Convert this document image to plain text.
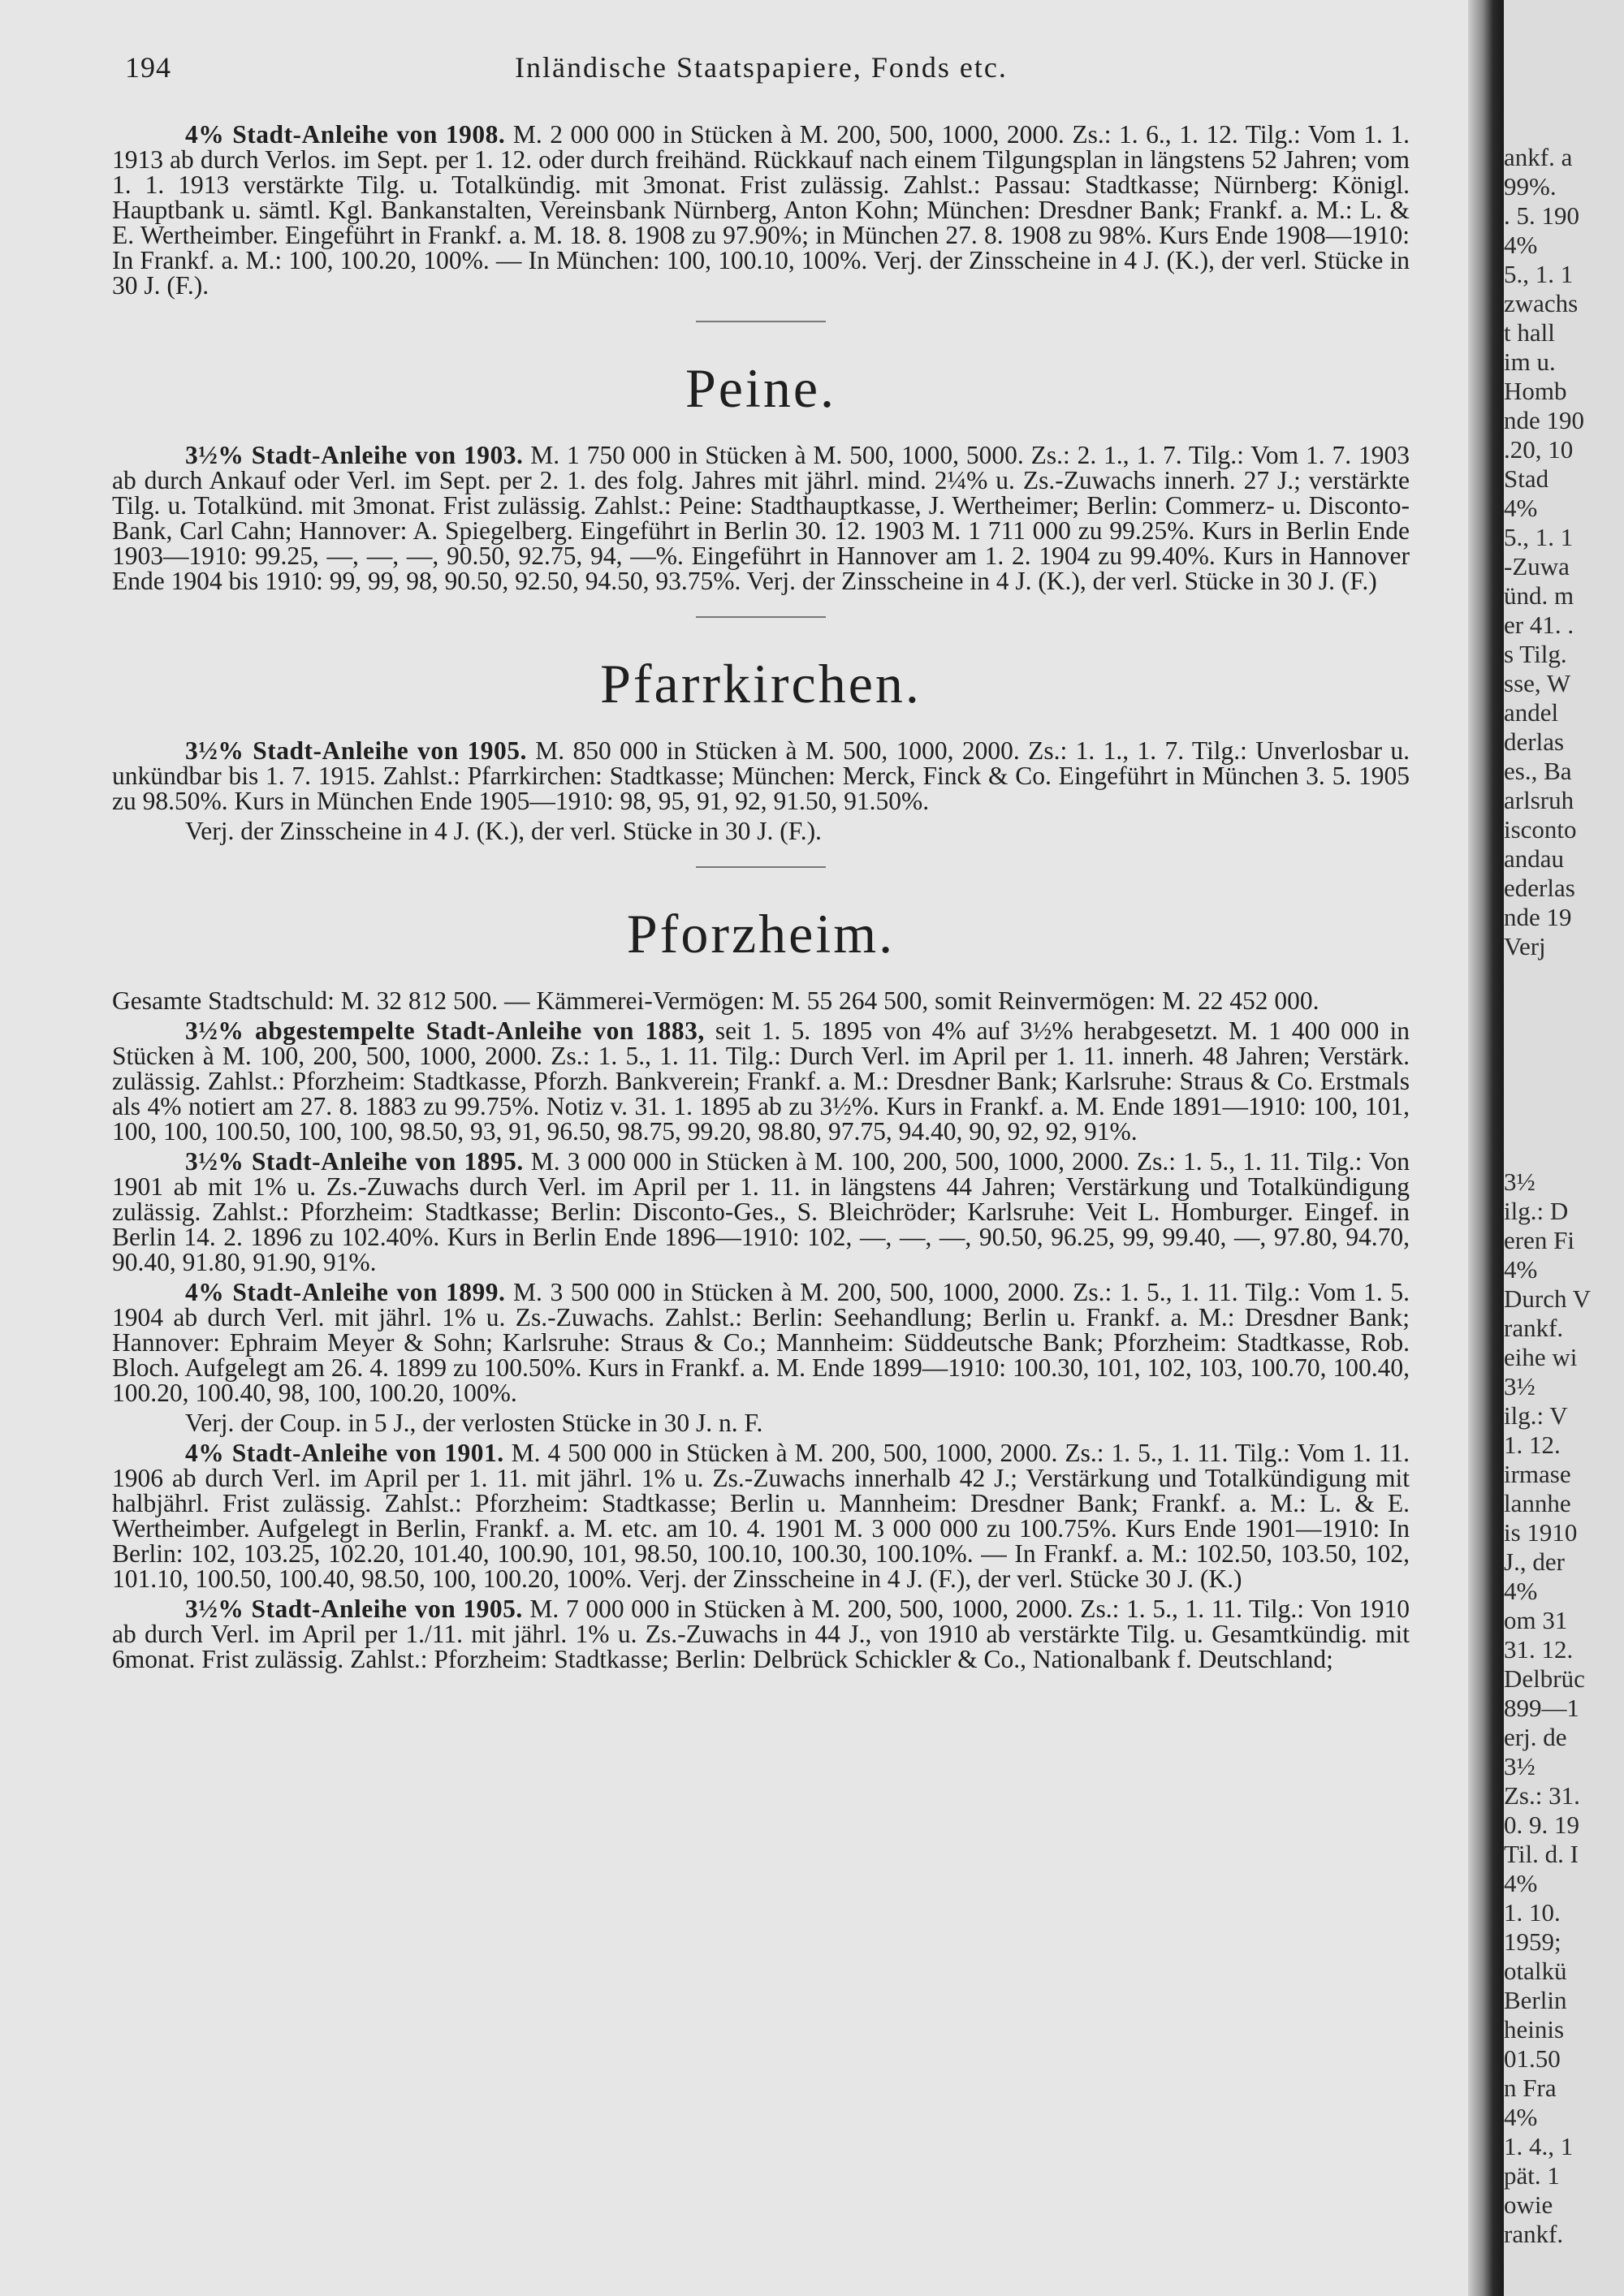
194	Inländische Staatspapiere, Fonds etc.

4% Stadt-Anleihe von 1908. M. 2 000 000 in Stücken à M. 200, 500, 1000, 2000. Zs.: 1. 6., 1. 12. Tilg.: Vom 1. 1. 1913 ab durch Verlos. im Sept. per 1. 12. oder durch freihänd. Rückkauf nach einem Tilgungsplan in längstens 52 Jahren; vom 1. 1. 1913 verstärkte Tilg. u. Totalkündig. mit 3monat. Frist zulässig. Zahlst.: Passau: Stadtkasse; Nürnberg: Königl. Hauptbank u. sämtl. Kgl. Bankanstalten, Vereinsbank Nürnberg, Anton Kohn; München: Dresdner Bank; Frankf. a. M.: L. & E. Wertheimber. Eingeführt in Frankf. a. M. 18. 8. 1908 zu 97.90%; in München 27. 8. 1908 zu 98%. Kurs Ende 1908—1910: In Frankf. a. M.: 100, 100.20, 100%. — In München: 100, 100.10, 100%. Verj. der Zinsscheine in 4 J. (K.), der verl. Stücke in 30 J. (F.).

Peine.

3½% Stadt-Anleihe von 1903. M. 1 750 000 in Stücken à M. 500, 1000, 5000. Zs.: 2. 1., 1. 7. Tilg.: Vom 1. 7. 1903 ab durch Ankauf oder Verl. im Sept. per 2. 1. des folg. Jahres mit jährl. mind. 2¼% u. Zs.-Zuwachs innerh. 27 J.; verstärkte Tilg. u. Totalkünd. mit 3monat. Frist zulässig. Zahlst.: Peine: Stadthauptkasse, J. Wertheimer; Berlin: Commerz- u. Disconto-Bank, Carl Cahn; Hannover: A. Spiegelberg. Eingeführt in Berlin 30. 12. 1903 M. 1 711 000 zu 99.25%. Kurs in Berlin Ende 1903—1910: 99.25, —, —, —, 90.50, 92.75, 94, —%. Eingeführt in Hannover am 1. 2. 1904 zu 99.40%. Kurs in Hannover Ende 1904 bis 1910: 99, 99, 98, 90.50, 92.50, 94.50, 93.75%. Verj. der Zinsscheine in 4 J. (K.), der verl. Stücke in 30 J. (F.)

Pfarrkirchen.

3½% Stadt-Anleihe von 1905. M. 850 000 in Stücken à M. 500, 1000, 2000. Zs.: 1. 1., 1. 7. Tilg.: Unverlosbar u. unkündbar bis 1. 7. 1915. Zahlst.: Pfarrkirchen: Stadtkasse; München: Merck, Finck & Co. Eingeführt in München 3. 5. 1905 zu 98.50%. Kurs in München Ende 1905—1910: 98, 95, 91, 92, 91.50, 91.50%.

Verj. der Zinsscheine in 4 J. (K.), der verl. Stücke in 30 J. (F.).

Pforzheim.

Gesamte Stadtschuld: M. 32 812 500. — Kämmerei-Vermögen: M. 55 264 500, somit Reinvermögen: M. 22 452 000.

3½% abgestempelte Stadt-Anleihe von 1883, seit 1. 5. 1895 von 4% auf 3½% herabgesetzt. M. 1 400 000 in Stücken à M. 100, 200, 500, 1000, 2000. Zs.: 1. 5., 1. 11. Tilg.: Durch Verl. im April per 1. 11. innerh. 48 Jahren; Verstärk. zulässig. Zahlst.: Pforzheim: Stadtkasse, Pforzh. Bankverein; Frankf. a. M.: Dresdner Bank; Karlsruhe: Straus & Co. Erstmals als 4% notiert am 27. 8. 1883 zu 99.75%. Notiz v. 31. 1. 1895 ab zu 3½%. Kurs in Frankf. a. M. Ende 1891—1910: 100, 101, 100, 100, 100.50, 100, 100, 98.50, 93, 91, 96.50, 98.75, 99.20, 98.80, 97.75, 94.40, 90, 92, 92, 91%.

3½% Stadt-Anleihe von 1895. M. 3 000 000 in Stücken à M. 100, 200, 500, 1000, 2000. Zs.: 1. 5., 1. 11. Tilg.: Von 1901 ab mit 1% u. Zs.-Zuwachs durch Verl. im April per 1. 11. in längstens 44 Jahren; Verstärkung und Totalkündigung zulässig. Zahlst.: Pforzheim: Stadtkasse; Berlin: Disconto-Ges., S. Bleichröder; Karlsruhe: Veit L. Homburger. Eingef. in Berlin 14. 2. 1896 zu 102.40%. Kurs in Berlin Ende 1896—1910: 102, —, —, —, 90.50, 96.25, 99, 99.40, —, 97.80, 94.70, 90.40, 91.80, 91.90, 91%.

4% Stadt-Anleihe von 1899. M. 3 500 000 in Stücken à M. 200, 500, 1000, 2000. Zs.: 1. 5., 1. 11. Tilg.: Vom 1. 5. 1904 ab durch Verl. mit jährl. 1% u. Zs.-Zuwachs. Zahlst.: Berlin: Seehandlung; Berlin u. Frankf. a. M.: Dresdner Bank; Hannover: Ephraim Meyer & Sohn; Karlsruhe: Straus & Co.; Mannheim: Süddeutsche Bank; Pforzheim: Stadtkasse, Rob. Bloch. Aufgelegt am 26. 4. 1899 zu 100.50%. Kurs in Frankf. a. M. Ende 1899—1910: 100.30, 101, 102, 103, 100.70, 100.40, 100.20, 100.40, 98, 100, 100.20, 100%.

Verj. der Coup. in 5 J., der verlosten Stücke in 30 J. n. F.

4% Stadt-Anleihe von 1901. M. 4 500 000 in Stücken à M. 200, 500, 1000, 2000. Zs.: 1. 5., 1. 11. Tilg.: Vom 1. 11. 1906 ab durch Verl. im April per 1. 11. mit jährl. 1% u. Zs.-Zuwachs innerhalb 42 J.; Verstärkung und Totalkündigung mit halbjährl. Frist zulässig. Zahlst.: Pforzheim: Stadtkasse; Berlin u. Mannheim: Dresdner Bank; Frankf. a. M.: L. & E. Wertheimber. Aufgelegt in Berlin, Frankf. a. M. etc. am 10. 4. 1901 M. 3 000 000 zu 100.75%. Kurs Ende 1901—1910: In Berlin: 102, 103.25, 102.20, 101.40, 100.90, 101, 98.50, 100.10, 100.30, 100.10%. — In Frankf. a. M.: 102.50, 103.50, 102, 101.10, 100.50, 100.40, 98.50, 100, 100.20, 100%. Verj. der Zinsscheine in 4 J. (F.), der verl. Stücke 30 J. (K.)

3½% Stadt-Anleihe von 1905. M. 7 000 000 in Stücken à M. 200, 500, 1000, 2000. Zs.: 1. 5., 1. 11. Tilg.: Von 1910 ab durch Verl. im April per 1./11. mit jährl. 1% u. Zs.-Zuwachs in 44 J., von 1910 ab verstärkte Tilg. u. Gesamtkündig. mit 6monat. Frist zulässig. Zahlst.: Pforzheim: Stadtkasse; Berlin: Delbrück Schickler & Co., Nationalbank f. Deutschland;

ankf. a
99%.
. 5. 190
4%
5., 1. 1
zwachs
t hall
im u.
Homb
nde 190
.20, 10
Stad
4%
5., 1. 1
-Zuwa
ünd. m
er 41. .
s Tilg.
sse, W
andel
derlas
es., Ba
arlsruh
isconto
andau
ederlas
nde 19
Verj
3½
ilg.: D
eren Fi
4%
Durch V
rankf.
eihe wi
3½
ilg.: V
1. 12.
irmase
lannhe
is 1910
J., der
4%
om 31
31. 12.
Delbrüc
899—1
erj. de
3½
Zs.: 31.
0. 9. 19
Til. d. I
4%
1. 10.
1959;
otalkü
Berlin
heinis
01.50
n Fra
4%
1. 4., 1
pät. 1
owie
rankf.
